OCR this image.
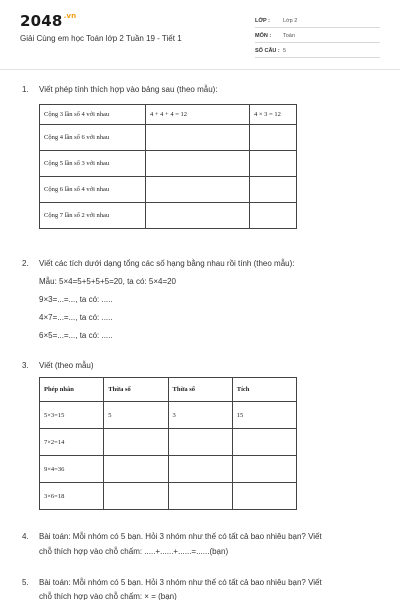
$2048^{.vn}$
Giải Cùng em học Toán lớp 2 Tuần 19 - Tiết 1
LỚP : Lớp 2
MÔN : Toán
SỐ CÂU : 5
1. Viết phép tính thích hợp vào bảng sau (theo mẫu):
Cộng 3 lần số 4 với nhau	4 + 4 + 4 = 12	4 × 3 = 12
Cộng 4 lần số 6 với nhau		
Cộng 5 lần số 3 với nhau		
Cộng 6 lần số 4 với nhau		
Cộng 7 lần số 2 với nhau		
2. Viết các tích dưới dạng tổng các số hạng bằng nhau rồi tính (theo mẫu):
Mẫu: 5×4=5+5+5+5=20, ta có: 5×4=20
9×3=...=..., ta có: .....
4×7=...=..., ta có: .....
6×5=...=..., ta có: .....
3. Viết (theo mẫu)
Phép nhân	Thừa số	Thừa số	Tích
5×3=15	5	3	15
7×2=14			
9×4=36			
3×6=18			
4. Bài toán: Mỗi nhóm có 5 bạn. Hỏi 3 nhóm như thế có tất cả bao nhiêu bạn? Viết
chỗ thích hợp vào chỗ chấm: .....+......+......=......(bạn)
5. Bài toán: Mỗi nhóm có 5 bạn. Hỏi 3 nhóm như thế có tất cả bao nhiêu bạn? Viết
chỗ thích hợp vào chỗ chấm: × = (bạn)
